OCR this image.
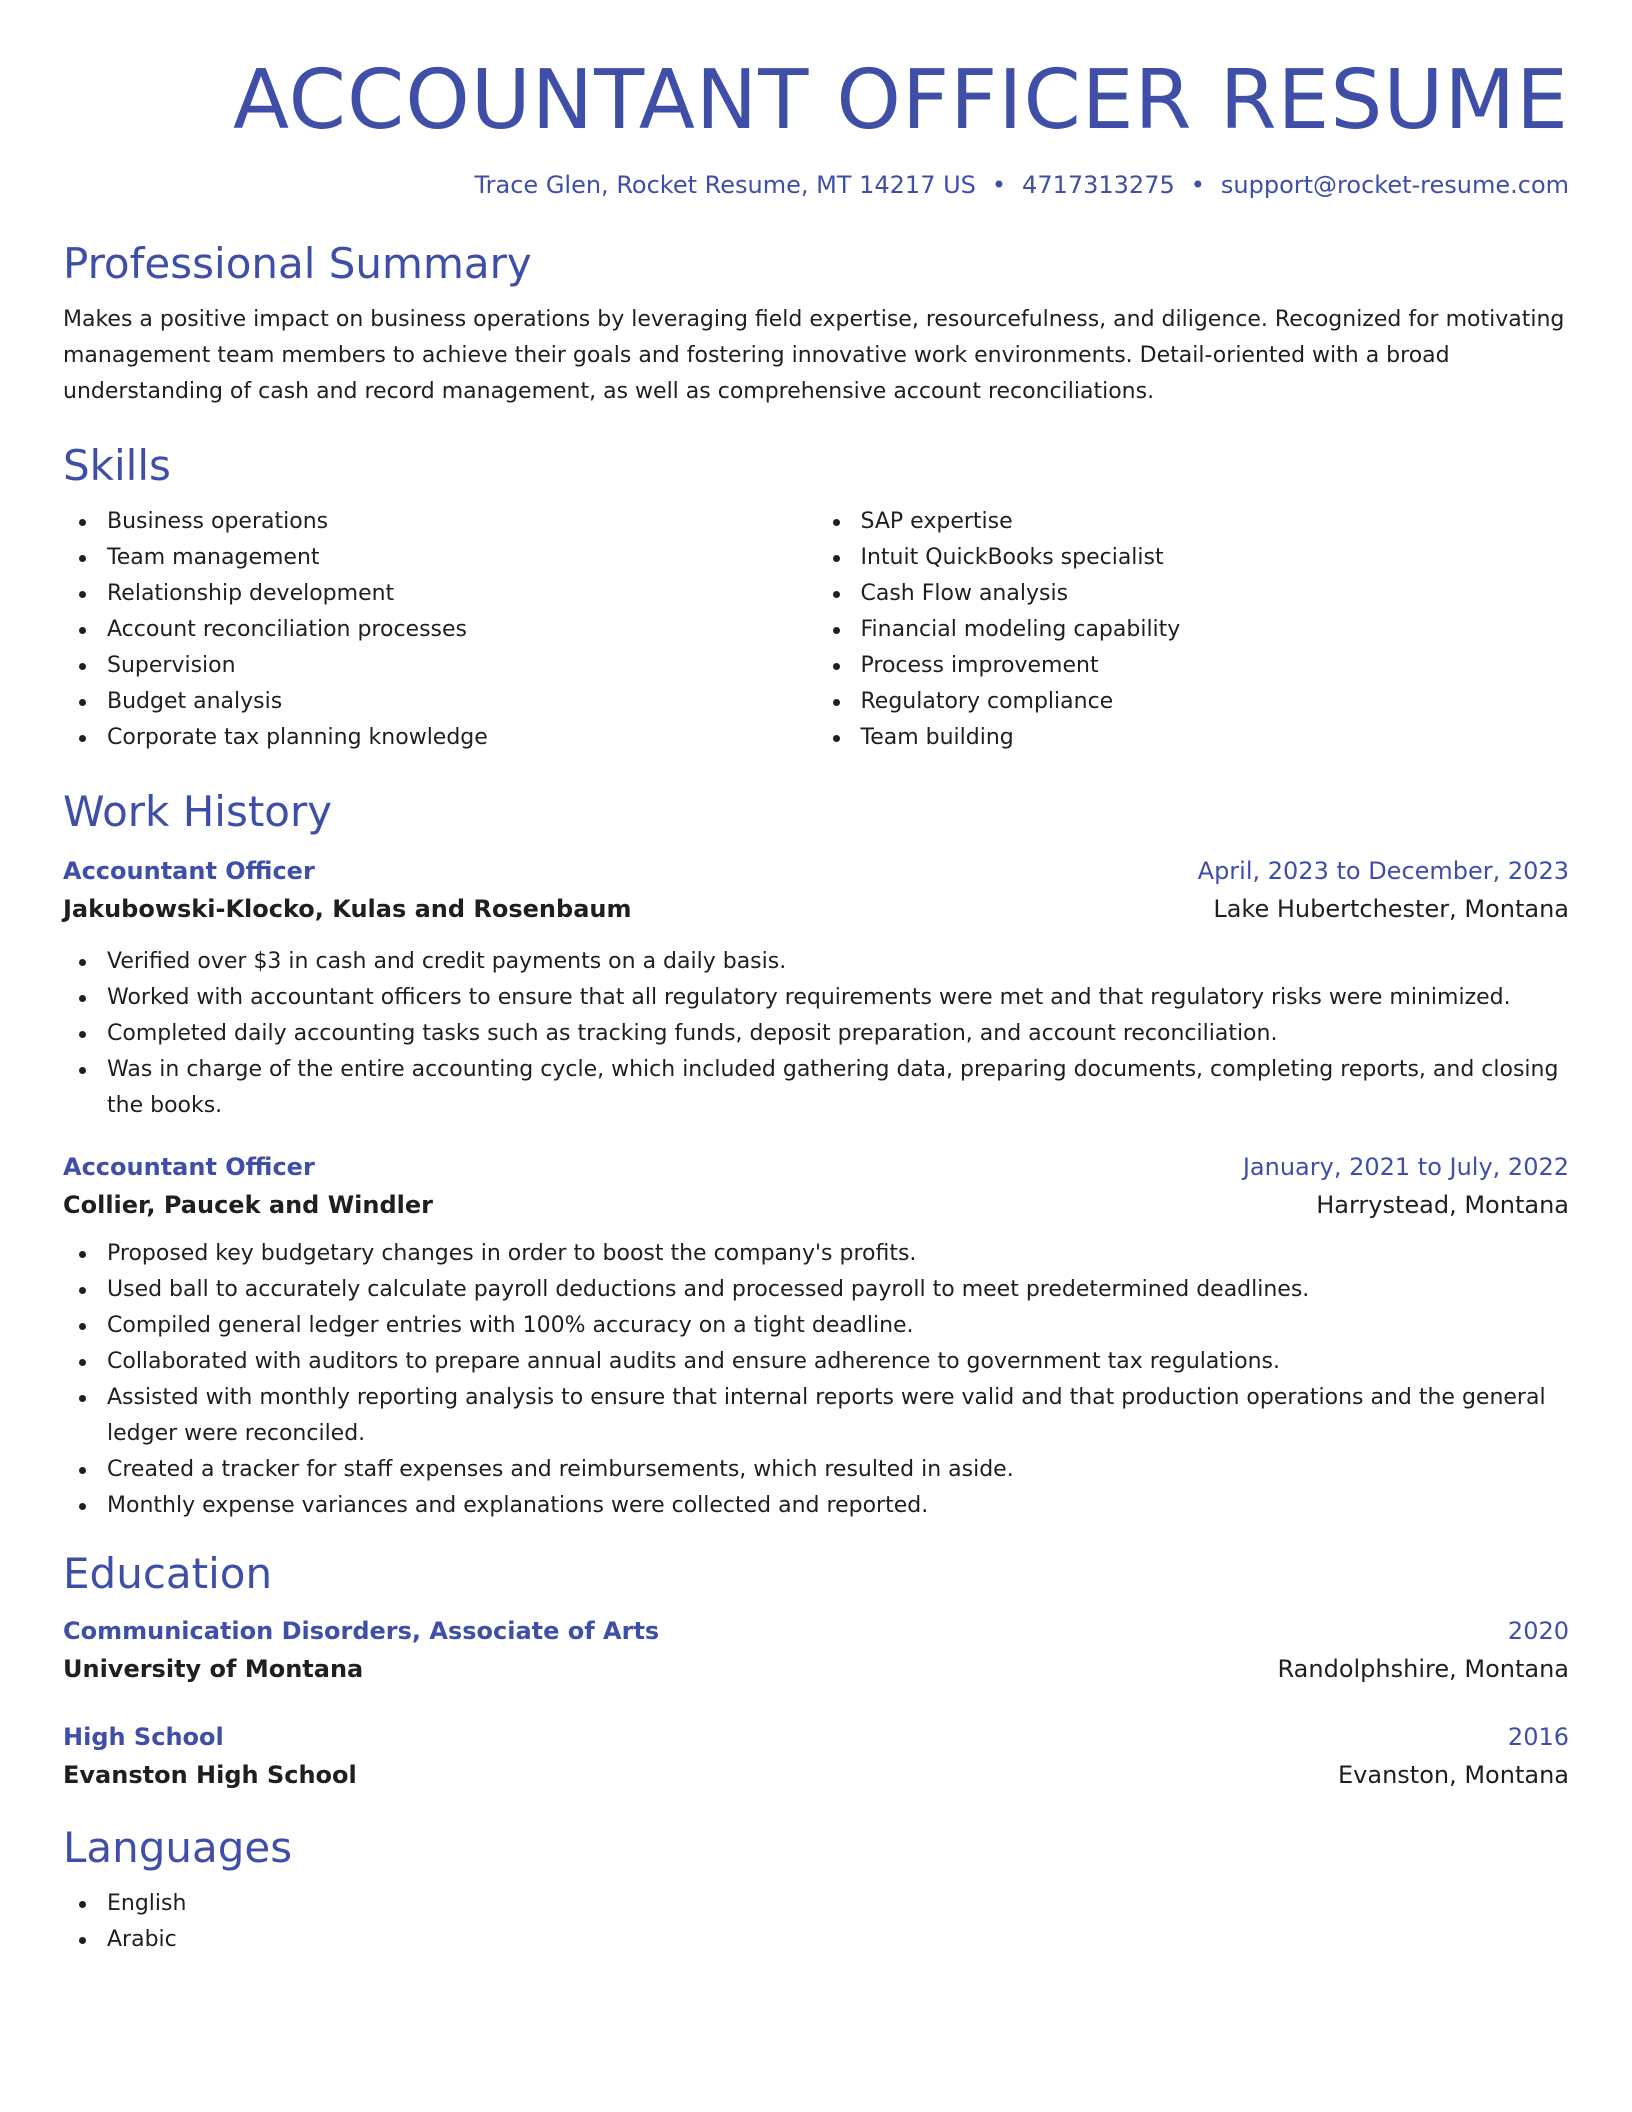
ACCOUNTANT OFFICER RESUME
Trace Glen, Rocket Resume, MT 14217 US • 4717313275 • support@rocket-resume.com
Professional Summary

Makes a positive impact on business operations by leveraging field expertise, resourcefulness, and diligence. Recognized for motivating management team members to achieve their goals and fostering innovative work environments. Detail-oriented with a broad understanding of cash and record management, as well as comprehensive account reconciliations.

Skills
Business operations
Team management
Relationship development
Account reconciliation processes
Supervision
Budget analysis
Corporate tax planning knowledge
SAP expertise
Intuit QuickBooks specialist
Cash Flow analysis
Financial modeling capability
Process improvement
Regulatory compliance
Team building
Work History
Accountant Officer	April, 2023 to December, 2023
Jakubowski-Klocko, Kulas and Rosenbaum	Lake Hubertchester, Montana
Verified over $3 in cash and credit payments on a daily basis.
Worked with accountant officers to ensure that all regulatory requirements were met and that regulatory risks were minimized.
Completed daily accounting tasks such as tracking funds, deposit preparation, and account reconciliation.
Was in charge of the entire accounting cycle, which included gathering data, preparing documents, completing reports, and closing the books.
Accountant Officer	January, 2021 to July, 2022
Collier, Paucek and Windler	Harrystead, Montana
Proposed key budgetary changes in order to boost the company's profits.
Used ball to accurately calculate payroll deductions and processed payroll to meet predetermined deadlines.
Compiled general ledger entries with 100% accuracy on a tight deadline.
Collaborated with auditors to prepare annual audits and ensure adherence to government tax regulations.
Assisted with monthly reporting analysis to ensure that internal reports were valid and that production operations and the general ledger were reconciled.
Created a tracker for staff expenses and reimbursements, which resulted in aside.
Monthly expense variances and explanations were collected and reported.
Education
Communication Disorders, Associate of Arts	2020
University of Montana	Randolphshire, Montana
High School	2016
Evanston High School	Evanston, Montana
Languages
English
Arabic
